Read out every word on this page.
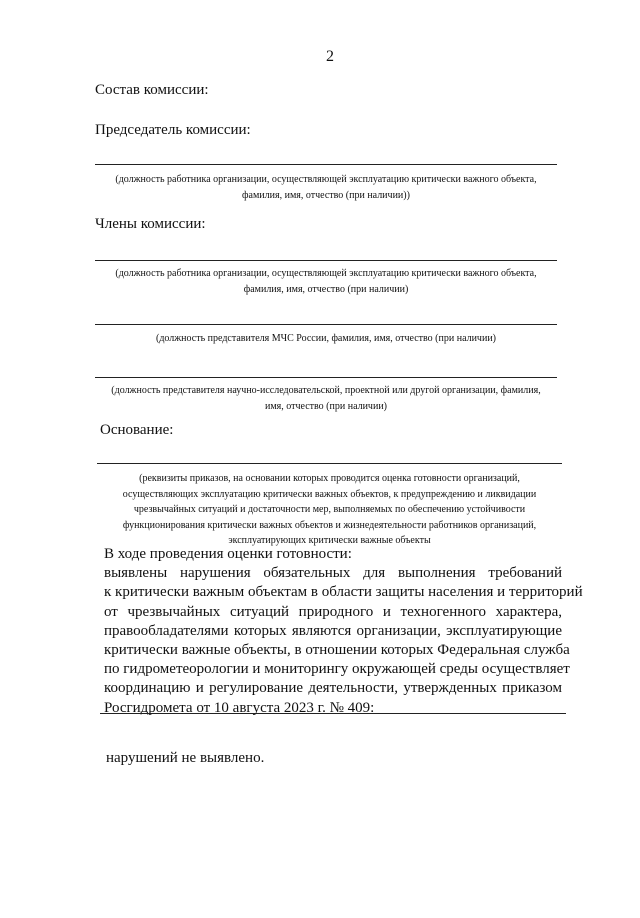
2
Состав комиссии:
Председатель комиссии:
(должность работника организации, осуществляющей эксплуатацию критически важного объекта,
фамилия, имя, отчество (при наличии))
Члены комиссии:
(должность работника организации, осуществляющей эксплуатацию критически важного объекта,
фамилия, имя, отчество (при наличии)
(должность представителя МЧС России, фамилия, имя, отчество (при наличии)
(должность представителя научно-исследовательской, проектной или другой организации, фамилия,
имя, отчество (при наличии)
Основание:
(реквизиты приказов, на основании которых проводится оценка готовности организаций,
осуществляющих эксплуатацию критически важных объектов, к предупреждению и ликвидации
чрезвычайных ситуаций и достаточности мер, выполняемых по обеспечению устойчивости
функционирования критически важных объектов и жизнедеятельности работников организаций,
эксплуатирующих критически важные объекты
В ходе проведения оценки готовности:
выявлены нарушения обязательных для выполнения требований
к критически важным объектам в области защиты населения и территорий
от чрезвычайных ситуаций природного и техногенного характера,
правообладателями которых являются организации, эксплуатирующие
критически важные объекты, в отношении которых Федеральная служба
по гидрометеорологии и мониторингу окружающей среды осуществляет
координацию и регулирование деятельности, утвержденных приказом
Росгидромета от 10 августа 2023 г. № 409:
нарушений не выявлено.
